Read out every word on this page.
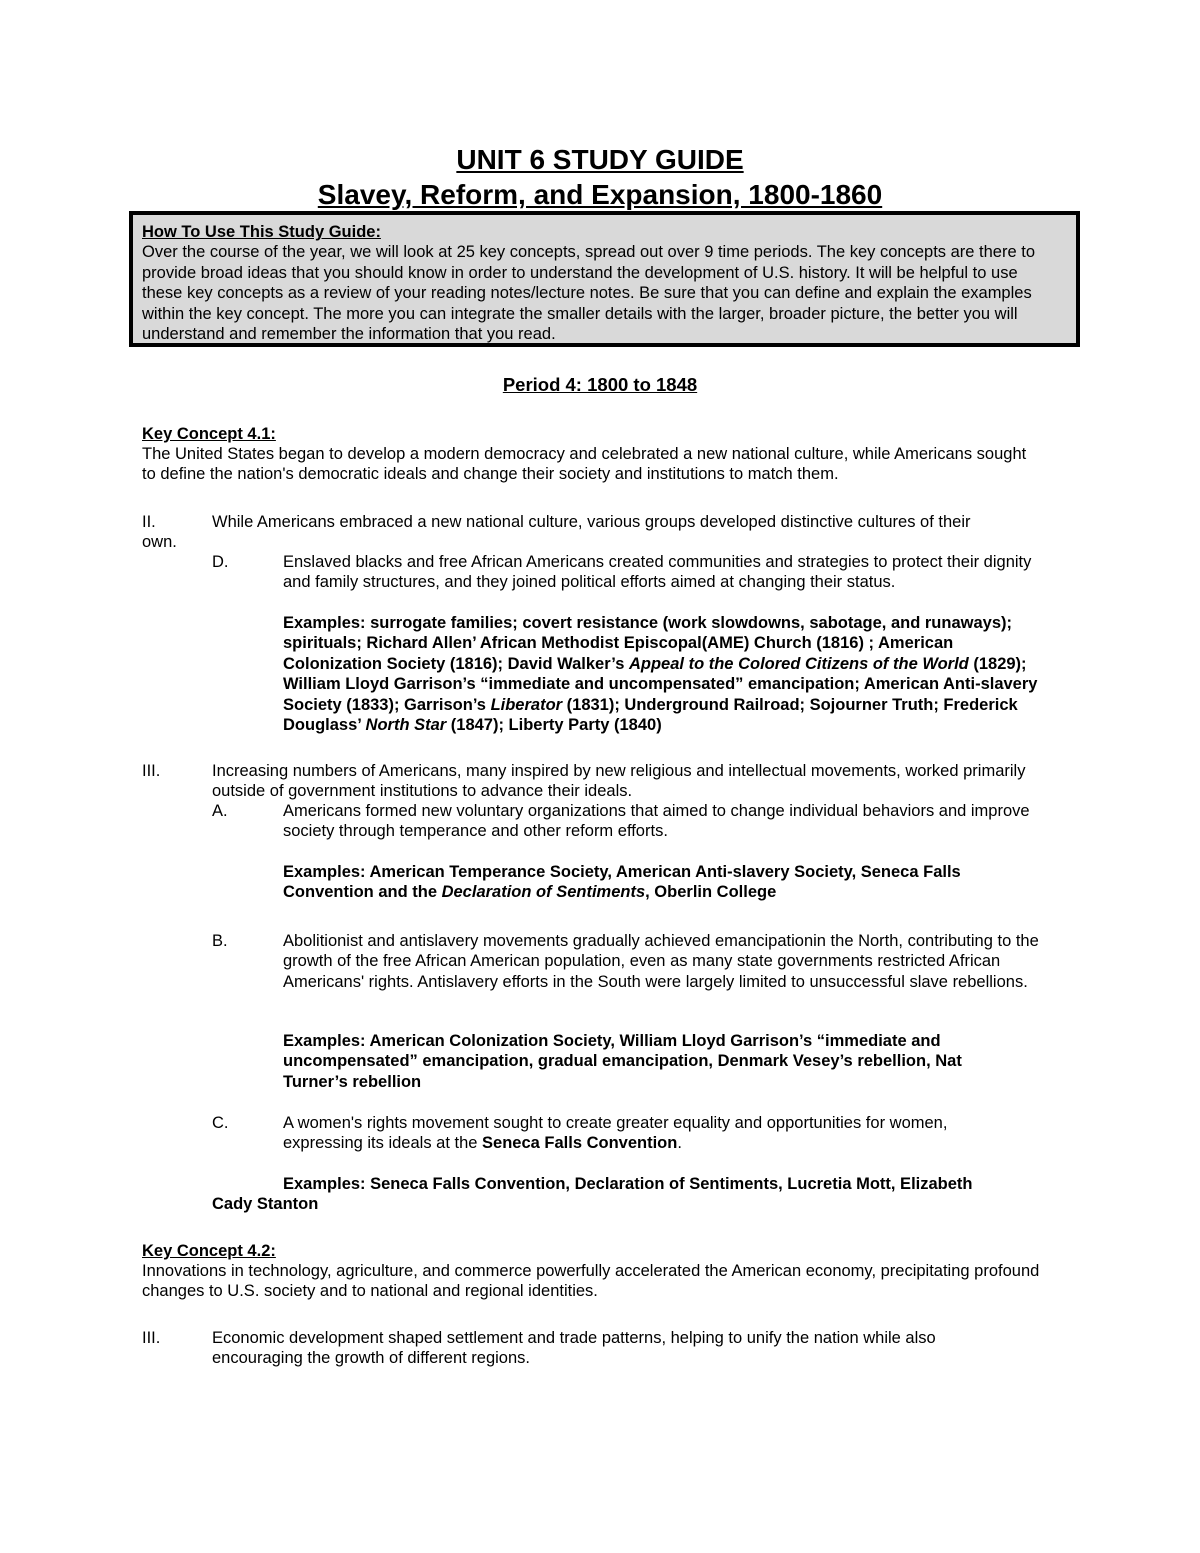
UNIT 6 STUDY GUIDE
Slavey, Reform, and Expansion, 1800-1860
How To Use This Study Guide:
Over the course of the year, we will look at 25 key concepts, spread out over 9 time periods. The key concepts are there to provide broad ideas that you should know in order to understand the development of U.S. history. It will be helpful to use these key concepts as a review of your reading notes/lecture notes. Be sure that you can define and explain the examples within the key concept. The more you can integrate the smaller details with the larger, broader picture, the better you will understand and remember the information that you read.
Period 4: 1800 to 1848
Key Concept 4.1:
The United States began to develop a modern democracy and celebrated a new national culture, while Americans sought to define the nation's democratic ideals and change their society and institutions to match them.
II.	While Americans embraced a new national culture, various groups developed distinctive cultures of their
own.
D.	Enslaved blacks and free African Americans created communities and strategies to protect their dignity and family structures, and they joined political efforts aimed at changing their status.
Examples: surrogate families; covert resistance (work slowdowns, sabotage, and runaways); spirituals; Richard Allen’ African Methodist Episcopal(AME) Church (1816) ; American Colonization Society (1816); David Walker’s Appeal to the Colored Citizens of the World (1829); William Lloyd Garrison’s “immediate and uncompensated” emancipation; American Anti-slavery Society (1833); Garrison’s Liberator (1831); Underground Railroad; Sojourner Truth; Frederick Douglass’ North Star (1847); Liberty Party (1840)
III.	Increasing numbers of Americans, many inspired by new religious and intellectual movements, worked primarily outside of government institutions to advance their ideals.
A.	Americans formed new voluntary organizations that aimed to change individual behaviors and improve society through temperance and other reform efforts.
Examples: American Temperance Society, American Anti-slavery Society, Seneca Falls Convention and the Declaration of Sentiments, Oberlin College
B.	Abolitionist and antislavery movements gradually achieved emancipationin the North, contributing to the growth of the free African American population, even as many state governments restricted African Americans' rights. Antislavery efforts in the South were largely limited to unsuccessful slave rebellions.
Examples: American Colonization Society, William Lloyd Garrison’s “immediate and uncompensated” emancipation, gradual emancipation, Denmark Vesey’s rebellion, Nat Turner’s rebellion
C.	A women's rights movement sought to create greater equality and opportunities for women, expressing its ideals at the Seneca Falls Convention.
Examples: Seneca Falls Convention, Declaration of Sentiments, Lucretia Mott, Elizabeth
Cady Stanton
Key Concept 4.2:
Innovations in technology, agriculture, and commerce powerfully accelerated the American economy, precipitating profound changes to U.S. society and to national and regional identities.
III.	Economic development shaped settlement and trade patterns, helping to unify the nation while also encouraging the growth of different regions.
